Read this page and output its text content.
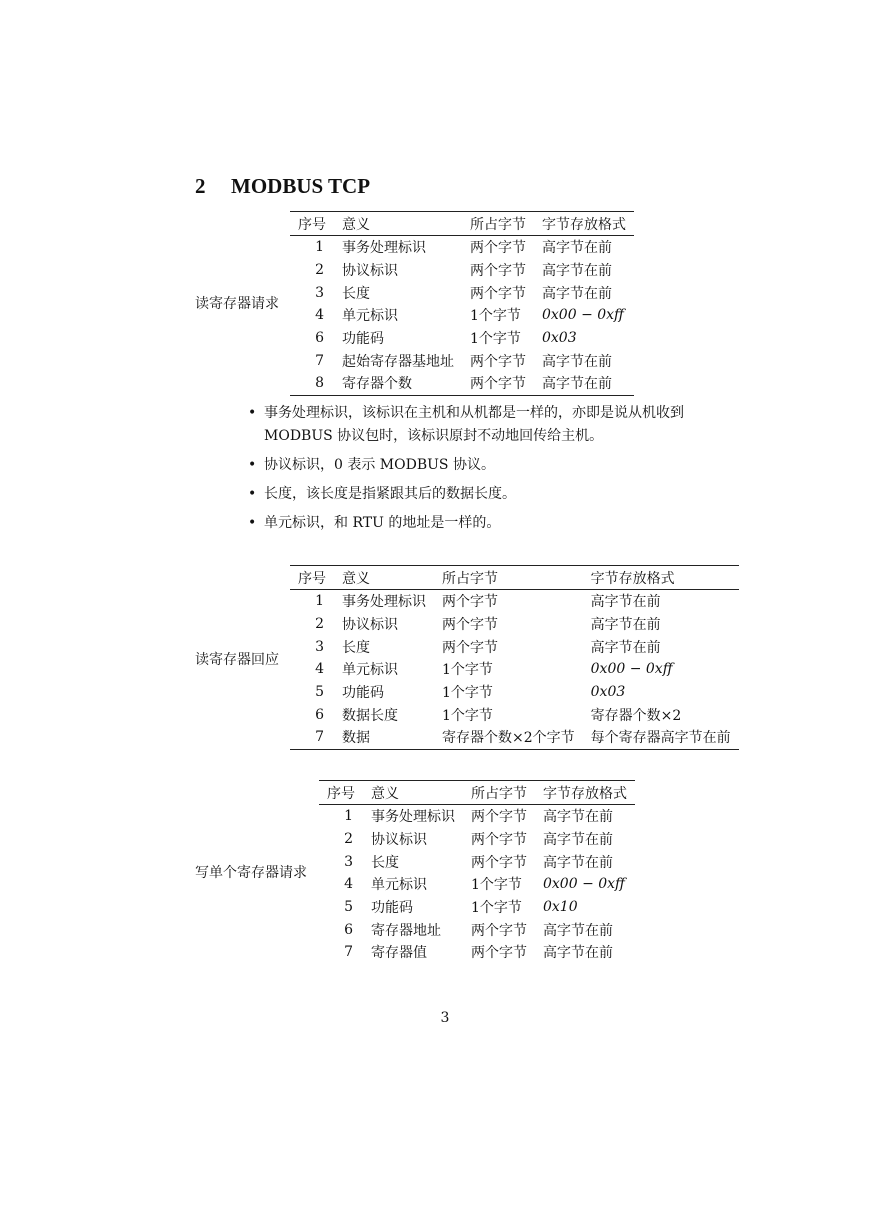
2 MODBUS TCP
读寄存器请求
序号	意义	所占字节	字节存放格式
1	事务处理标识	两个字节	高字节在前
2	协议标识	两个字节	高字节在前
3	长度	两个字节	高字节在前
4	单元标识	1个字节	0x00 − 0xff
6	功能码	1个字节	0x03
7	起始寄存器基地址	两个字节	高字节在前
8	寄存器个数	两个字节	高字节在前
• 事务处理标识，该标识在主机和从机都是一样的，亦即是说从机收到MODBUS 协议包时，该标识原封不动地回传给主机。
• 协议标识，0 表示 MODBUS 协议。
• 长度，该长度是指紧跟其后的数据长度。
• 单元标识，和 RTU 的地址是一样的。
读寄存器回应
序号	意义	所占字节	字节存放格式
1	事务处理标识	两个字节	高字节在前
2	协议标识	两个字节	高字节在前
3	长度	两个字节	高字节在前
4	单元标识	1个字节	0x00 − 0xff
5	功能码	1个字节	0x03
6	数据长度	1个字节	寄存器个数×2
7	数据	寄存器个数×2个字节	每个寄存器高字节在前
写单个寄存器请求
序号	意义	所占字节	字节存放格式
1	事务处理标识	两个字节	高字节在前
2	协议标识	两个字节	高字节在前
3	长度	两个字节	高字节在前
4	单元标识	1个字节	0x00 − 0xff
5	功能码	1个字节	0x10
6	寄存器地址	两个字节	高字节在前
7	寄存器值	两个字节	高字节在前
3
